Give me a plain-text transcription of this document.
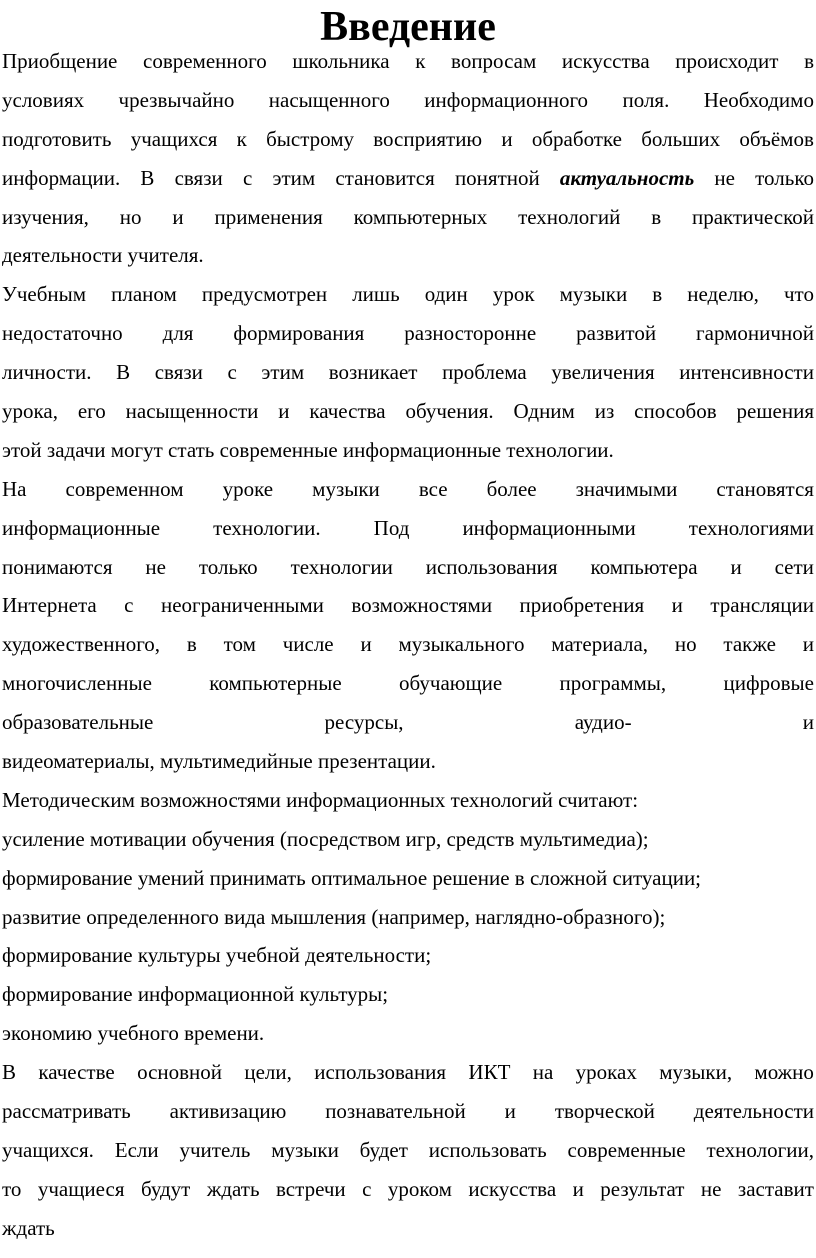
Введение
Приобщение современного школьника к вопросам искусства происходит в
условиях чрезвычайно насыщенного информационного поля. Необходимо
подготовить учащихся к быстрому восприятию и обработке больших объёмов
информации. В связи с этим становится понятной актуальность не только
изучения, но и применения компьютерных технологий в практической
деятельности учителя.
Учебным планом предусмотрен лишь один урок музыки в неделю, что
недостаточно для формирования разносторонне развитой гармоничной
личности. В связи с этим возникает проблема увеличения интенсивности
урока, его насыщенности и качества обучения. Одним из способов решения
этой задачи могут стать современные информационные технологии.
На современном уроке музыки все более значимыми становятся
информационные	технологии.	Под	информационными	технологиями
понимаются не только технологии использования компьютера и сети
Интернета с неограниченными возможностями приобретения и трансляции
художественного, в том числе и музыкального материала, но также и
многочисленные	компьютерные	обучающие	программы,	цифровые
образовательные	ресурсы,	аудио-	и
видеоматериалы, мультимедийные презентации.
Методическим возможностями информационных технологий считают:
усиление мотивации обучения (посредством игр, средств мультимедиа);
формирование умений принимать оптимальное решение в сложной ситуации;
развитие определенного вида мышления (например, наглядно-образного);
формирование культуры учебной деятельности;
формирование информационной культуры;
экономию учебного времени.
В качестве основной цели, использования ИКТ на уроках музыки, можно
рассматривать активизацию познавательной и творческой деятельности
учащихся. Если учитель музыки будет использовать современные технологии,
то учащиеся будут ждать встречи с уроком искусства и результат не заставит
ждать
